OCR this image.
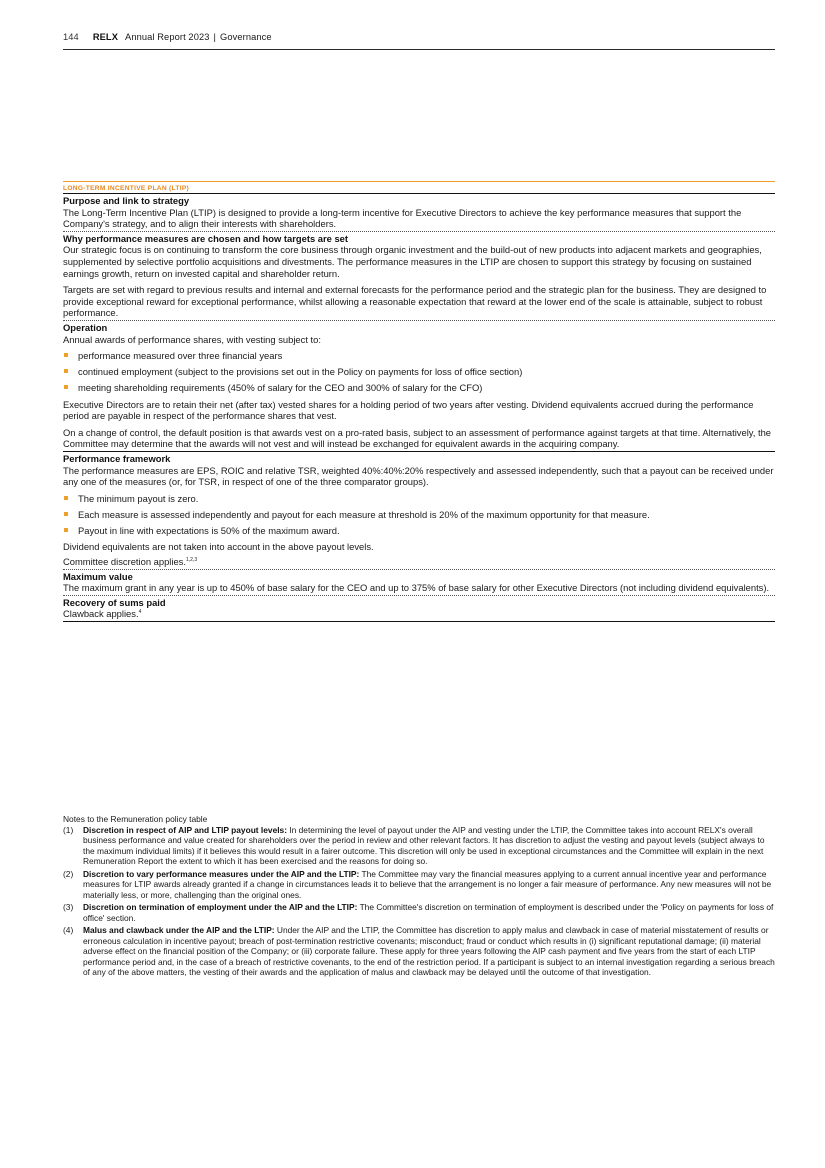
144 RELX Annual Report 2023 | Governance
LONG-TERM INCENTIVE PLAN (LTIP)
Purpose and link to strategy

The Long-Term Incentive Plan (LTIP) is designed to provide a long-term incentive for Executive Directors to achieve the key performance measures that support the Company's strategy, and to align their interests with shareholders.

Why performance measures are chosen and how targets are set

Our strategic focus is on continuing to transform the core business through organic investment and the build-out of new products into adjacent markets and geographies, supplemented by selective portfolio acquisitions and divestments. The performance measures in the LTIP are chosen to support this strategy by focusing on sustained earnings growth, return on invested capital and shareholder return.

Targets are set with regard to previous results and internal and external forecasts for the performance period and the strategic plan for the business. They are designed to provide exceptional reward for exceptional performance, whilst allowing a reasonable expectation that reward at the lower end of the scale is attainable, subject to robust performance.

Operation

Annual awards of performance shares, with vesting subject to:

performance measured over three financial years
continued employment (subject to the provisions set out in the Policy on payments for loss of office section)
meeting shareholding requirements (450% of salary for the CEO and 300% of salary for the CFO)

Executive Directors are to retain their net (after tax) vested shares for a holding period of two years after vesting. Dividend equivalents accrued during the performance period are payable in respect of the performance shares that vest.

On a change of control, the default position is that awards vest on a pro-rated basis, subject to an assessment of performance against targets at that time. Alternatively, the Committee may determine that the awards will not vest and will instead be exchanged for equivalent awards in the acquiring company.

Performance framework

The performance measures are EPS, ROIC and relative TSR, weighted 40%:40%:20% respectively and assessed independently, such that a payout can be received under any one of the measures (or, for TSR, in respect of one of the three comparator groups).

The minimum payout is zero.
Each measure is assessed independently and payout for each measure at threshold is 20% of the maximum opportunity for that measure.
Payout in line with expectations is 50% of the maximum award.

Dividend equivalents are not taken into account in the above payout levels.

Committee discretion applies.$^{1,2,3}$

Maximum value

The maximum grant in any year is up to 450% of base salary for the CEO and up to 375% of base salary for other Executive Directors (not including dividend equivalents).

Recovery of sums paid

Clawback applies.$^4$

Notes to the Remuneration policy table
(1) Discretion in respect of AIP and LTIP payout levels: In determining the level of payout under the AIP and vesting under the LTIP, the Committee takes into account RELX's overall business performance and value created for shareholders over the period in review and other relevant factors. It has discretion to adjust the vesting and payout levels (subject always to the maximum individual limits) if it believes this would result in a fairer outcome. This discretion will only be used in exceptional circumstances and the Committee will explain in the next Remuneration Report the extent to which it has been exercised and the reasons for doing so.
(2) Discretion to vary performance measures under the AIP and the LTIP: The Committee may vary the financial measures applying to a current annual incentive year and performance measures for LTIP awards already granted if a change in circumstances leads it to believe that the arrangement is no longer a fair measure of performance. Any new measures will not be materially less, or more, challenging than the original ones.
(3) Discretion on termination of employment under the AIP and the LTIP: The Committee's discretion on termination of employment is described under the 'Policy on payments for loss of office' section.
(4) Malus and clawback under the AIP and the LTIP: Under the AIP and the LTIP, the Committee has discretion to apply malus and clawback in case of material misstatement of results or erroneous calculation in incentive payout; breach of post-termination restrictive covenants; misconduct; fraud or conduct which results in (i) significant reputational damage; (ii) material adverse effect on the financial position of the Company; or (iii) corporate failure. These apply for three years following the AIP cash payment and five years from the start of each LTIP performance period and, in the case of a breach of restrictive covenants, to the end of the restriction period. If a participant is subject to an internal investigation regarding a serious breach of any of the above matters, the vesting of their awards and the application of malus and clawback may be delayed until the outcome of that investigation.
